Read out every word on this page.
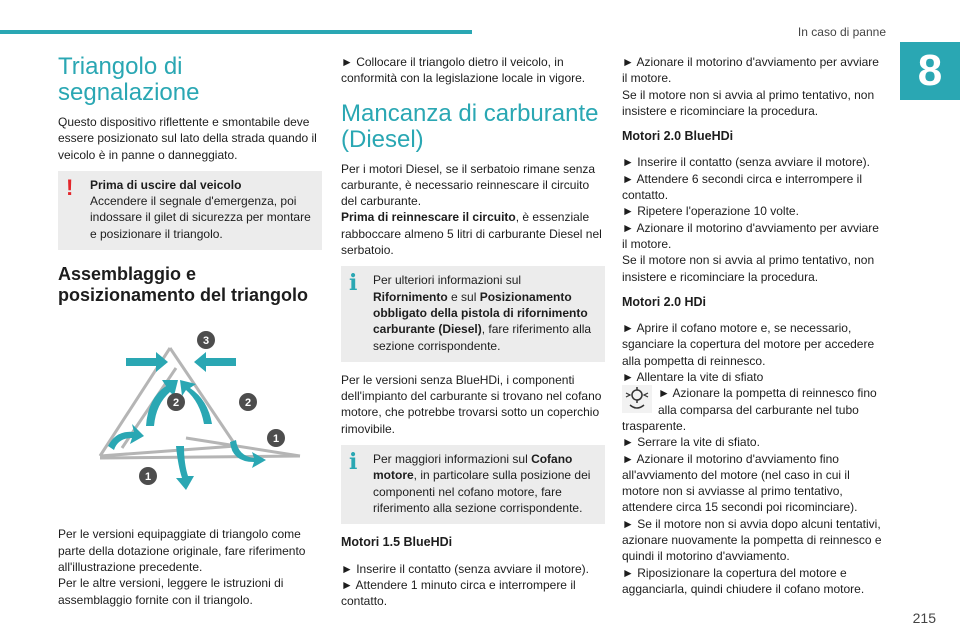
In caso di panne
8
Triangolo di segnalazione

Questo dispositivo riflettente e smontabile deve essere posizionato sul lato della strada quando il veicolo è in panne o danneggiato.

!	Prima di uscire dal veicolo
Accendere il segnale d'emergenza, poi indossare il gilet di sicurezza per montare e posizionare il triangolo.
Assemblaggio e posizionamento del triangolo
3
2	2
1
1

Per le versioni equipaggiate di triangolo come parte della dotazione originale, fare riferimento all'illustrazione precedente.

Per le altre versioni, leggere le istruzioni di assemblaggio fornite con il triangolo.

► Collocare il triangolo dietro il veicolo, in conformità con la legislazione locale in vigore.

Mancanza di carburante (Diesel)

Per i motori Diesel, se il serbatoio rimane senza carburante, è necessario reinnescare il circuito del carburante.

Prima di reinnescare il circuito, è essenziale rabboccare almeno 5 litri di carburante Diesel nel serbatoio.

i	Per ulteriori informazioni sul Rifornimento e sul Posizionamento obbligato della pistola di rifornimento carburante (Diesel), fare riferimento alla sezione corrispondente.

Per le versioni senza BlueHDi, i componenti dell'impianto del carburante si trovano nel cofano motore, che potrebbe trovarsi sotto un coperchio rimovibile.

i	Per maggiori informazioni sul Cofano motore, in particolare sulla posizione dei componenti nel cofano motore, fare riferimento alla sezione corrispondente.
Motori 1.5 BlueHDi

► Inserire il contatto (senza avviare il motore).

► Attendere 1 minuto circa e interrompere il contatto.

► Azionare il motorino d'avviamento per avviare il motore.

Se il motore non si avvia al primo tentativo, non insistere e ricominciare la procedura.

Motori 2.0 BlueHDi

► Inserire il contatto (senza avviare il motore).

► Attendere 6 secondi circa e interrompere il contatto.

► Ripetere l'operazione 10 volte.

► Azionare il motorino d'avviamento per avviare il motore.

Se il motore non si avvia al primo tentativo, non insistere e ricominciare la procedura.

Motori 2.0 HDi

► Aprire il cofano motore e, se necessario, sganciare la copertura del motore per accedere alla pompetta di reinnesco.

► Allentare la vite di sfiato

► Azionare la pompetta di reinnesco fino alla comparsa del carburante nel tubo trasparente.

► Serrare la vite di sfiato.

► Azionare il motorino d'avviamento fino all'avviamento del motore (nel caso in cui il motore non si avviasse al primo tentativo, attendere circa 15 secondi poi ricominciare).

► Se il motore non si avvia dopo alcuni tentativi, azionare nuovamente la pompetta di reinnesco e quindi il motorino d'avviamento.

► Riposizionare la copertura del motore e agganciarla, quindi chiudere il cofano motore.

215
